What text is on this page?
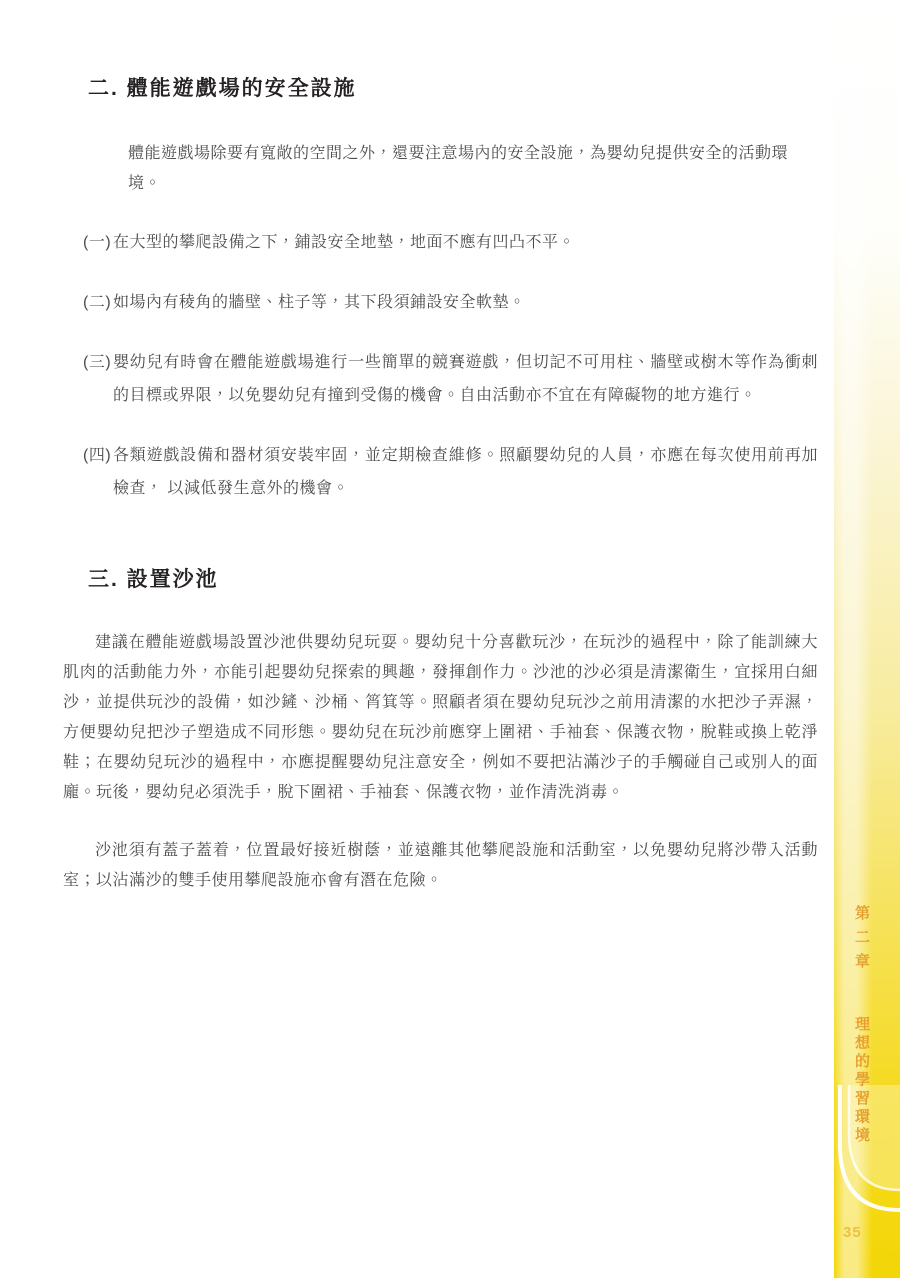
二. 體能遊戲場的安全設施

體能遊戲場除要有寬敞的空間之外，還要注意場內的安全設施，為嬰幼兒提供安全的活動環境。

(一) 在大型的攀爬設備之下，鋪設安全地墊，地面不應有凹凸不平。
(二) 如場內有稜角的牆壁、柱子等，其下段須鋪設安全軟墊。
(三) 嬰幼兒有時會在體能遊戲場進行一些簡單的競賽遊戲，但切記不可用柱、牆壁或樹木等作為衝刺的目標或界限，以免嬰幼兒有撞到受傷的機會。自由活動亦不宜在有障礙物的地方進行。
(四) 各類遊戲設備和器材須安裝牢固，並定期檢查維修。照顧嬰幼兒的人員，亦應在每次使用前再加檢查， 以減低發生意外的機會。
三. 設置沙池

建議在體能遊戲場設置沙池供嬰幼兒玩耍。嬰幼兒十分喜歡玩沙，在玩沙的過程中，除了能訓練大肌肉的活動能力外，亦能引起嬰幼兒探索的興趣，發揮創作力。沙池的沙必須是清潔衛生，宜採用白細沙，並提供玩沙的設備，如沙鏟、沙桶、筲箕等。照顧者須在嬰幼兒玩沙之前用清潔的水把沙子弄濕，方便嬰幼兒把沙子塑造成不同形態。嬰幼兒在玩沙前應穿上圍裙、手袖套、保護衣物，脫鞋或換上乾淨鞋；在嬰幼兒玩沙的過程中，亦應提醒嬰幼兒注意安全，例如不要把沾滿沙子的手觸碰自己或別人的面龐。玩後，嬰幼兒必須洗手，脫下圍裙、手袖套、保護衣物，並作清洗消毒。

沙池須有蓋子蓋着，位置最好接近樹蔭，並遠離其他攀爬設施和活動室，以免嬰幼兒將沙帶入活動室；以沾滿沙的雙手使用攀爬設施亦會有潛在危險。

第二章
理想的學習環境
35
